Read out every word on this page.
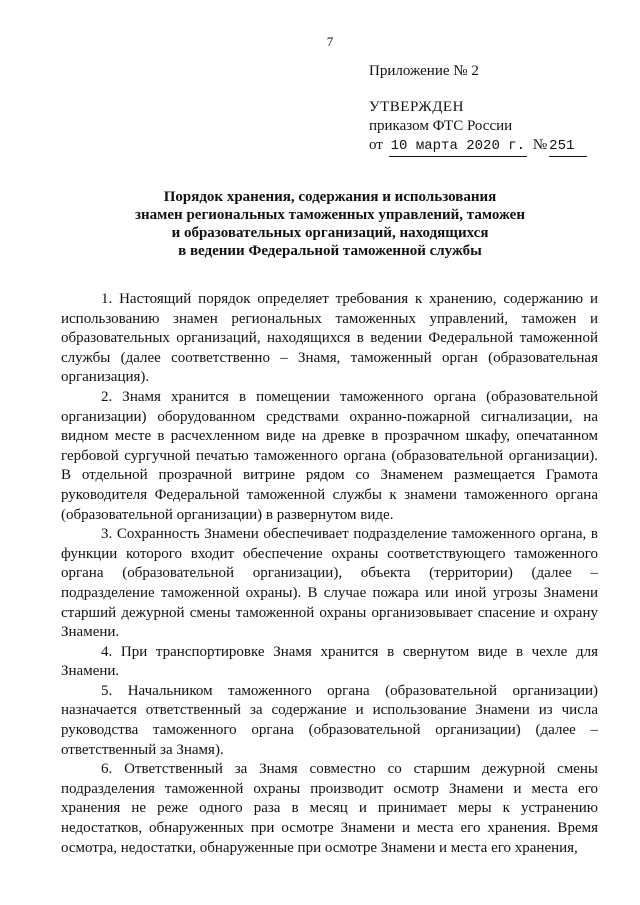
7
Приложение № 2
УТВЕРЖДЕН
приказом ФТС России
от 10 марта 2020 г. № 251
Порядок хранения, содержания и использования
знамен региональных таможенных управлений, таможен
и образовательных организаций, находящихся
в ведении Федеральной таможенной службы

1. Настоящий порядок определяет требования к хранению, содержанию и использованию знамен региональных таможенных управлений, таможен и образовательных организаций, находящихся в ведении Федеральной таможенной службы (далее соответственно – Знамя, таможенный орган (образовательная организация).

2. Знамя хранится в помещении таможенного органа (образовательной организации) оборудованном средствами охранно-пожарной сигнализации, на видном месте в расчехленном виде на древке в прозрачном шкафу, опечатанном гербовой сургучной печатью таможенного органа (образовательной организации). В отдельной прозрачной витрине рядом со Знаменем размещается Грамота руководителя Федеральной таможенной службы к знамени таможенного органа (образовательной организации) в развернутом виде.

3. Сохранность Знамени обеспечивает подразделение таможенного органа, в функции которого входит обеспечение охраны соответствующего таможенного органа (образовательной организации), объекта (территории) (далее – подразделение таможенной охраны). В случае пожара или иной угрозы Знамени старший дежурной смены таможенной охраны организовывает спасение и охрану Знамени.

4. При транспортировке Знамя хранится в свернутом виде в чехле для Знамени.

5. Начальником таможенного органа (образовательной организации) назначается ответственный за содержание и использование Знамени из числа руководства таможенного органа (образовательной организации) (далее – ответственный за Знамя).

6. Ответственный за Знамя совместно со старшим дежурной смены подразделения таможенной охраны производит осмотр Знамени и места его хранения не реже одного раза в месяц и принимает меры к устранению недостатков, обнаруженных при осмотре Знамени и места его хранения. Время осмотра, недостатки, обнаруженные при осмотре Знамени и места его хранения,
